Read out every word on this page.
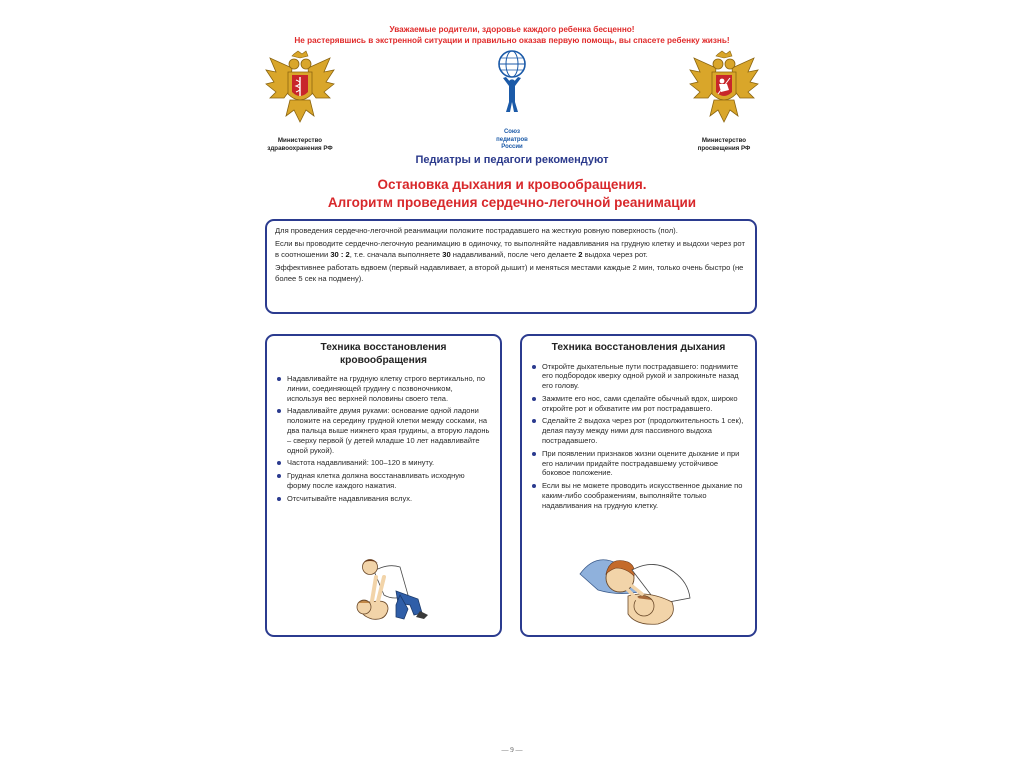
Уважаемые родители, здоровье каждого ребенка бесценно!
Не растерявшись в экстренной ситуации и правильно оказав первую помощь, вы спасете ребенку жизнь!
Министерство
здравоохранения РФ
Союз
педиатров
России
Министерство
просвещения РФ
Педиатры и педагоги рекомендуют
Остановка дыхания и кровообращения.
Алгоритм проведения сердечно-легочной реанимации

Для проведения сердечно-легочной реанимации положите пострадавшего на жесткую ровную поверхность (пол).

Если вы проводите сердечно-легочную реанимацию в одиночку, то выполняйте надавливания на грудную клетку и выдохи через рот в соотношении 30 : 2, т.е. сначала выполняете 30 надавливаний, после чего делаете 2 выдоха через рот.

Эффективнее работать вдвоем (первый надавливает, а второй дышит) и меняться местами каждые 2 мин, только очень быстро (не более 5 сек на подмену).

Техника восстановления кровообращения
Надавливайте на грудную клетку строго вертикально, по линии, соединяющей грудину с позвоночником, используя вес верхней половины своего тела.
Надавливайте двумя руками: основание одной ладони положите на середину грудной клетки между сосками, на два пальца выше нижнего края грудины, а вторую ладонь – сверху первой (у детей младше 10 лет надавливайте одной рукой).
Частота надавливаний: 100–120 в минуту.
Грудная клетка должна восстанавливать исходную форму после каждого нажатия.
Отсчитывайте надавливания вслух.
Техника восстановления дыхания
Откройте дыхательные пути пострадавшего: поднимите его подбородок кверху одной рукой и запрокиньте назад его голову.
Зажмите его нос, сами сделайте обычный вдох, широко откройте рот и обхватите им рот пострадавшего.
Сделайте 2 выдоха через рот (продолжительность 1 сек), делая паузу между ними для пассивного выдоха пострадавшего.
При появлении признаков жизни оцените дыхание и при его наличии придайте пострадавшему устойчивое боковое положение.
Если вы не можете проводить искусственное дыхание по каким-либо соображениям, выполняйте только надавливания на грудную клетку.
— 9 —
